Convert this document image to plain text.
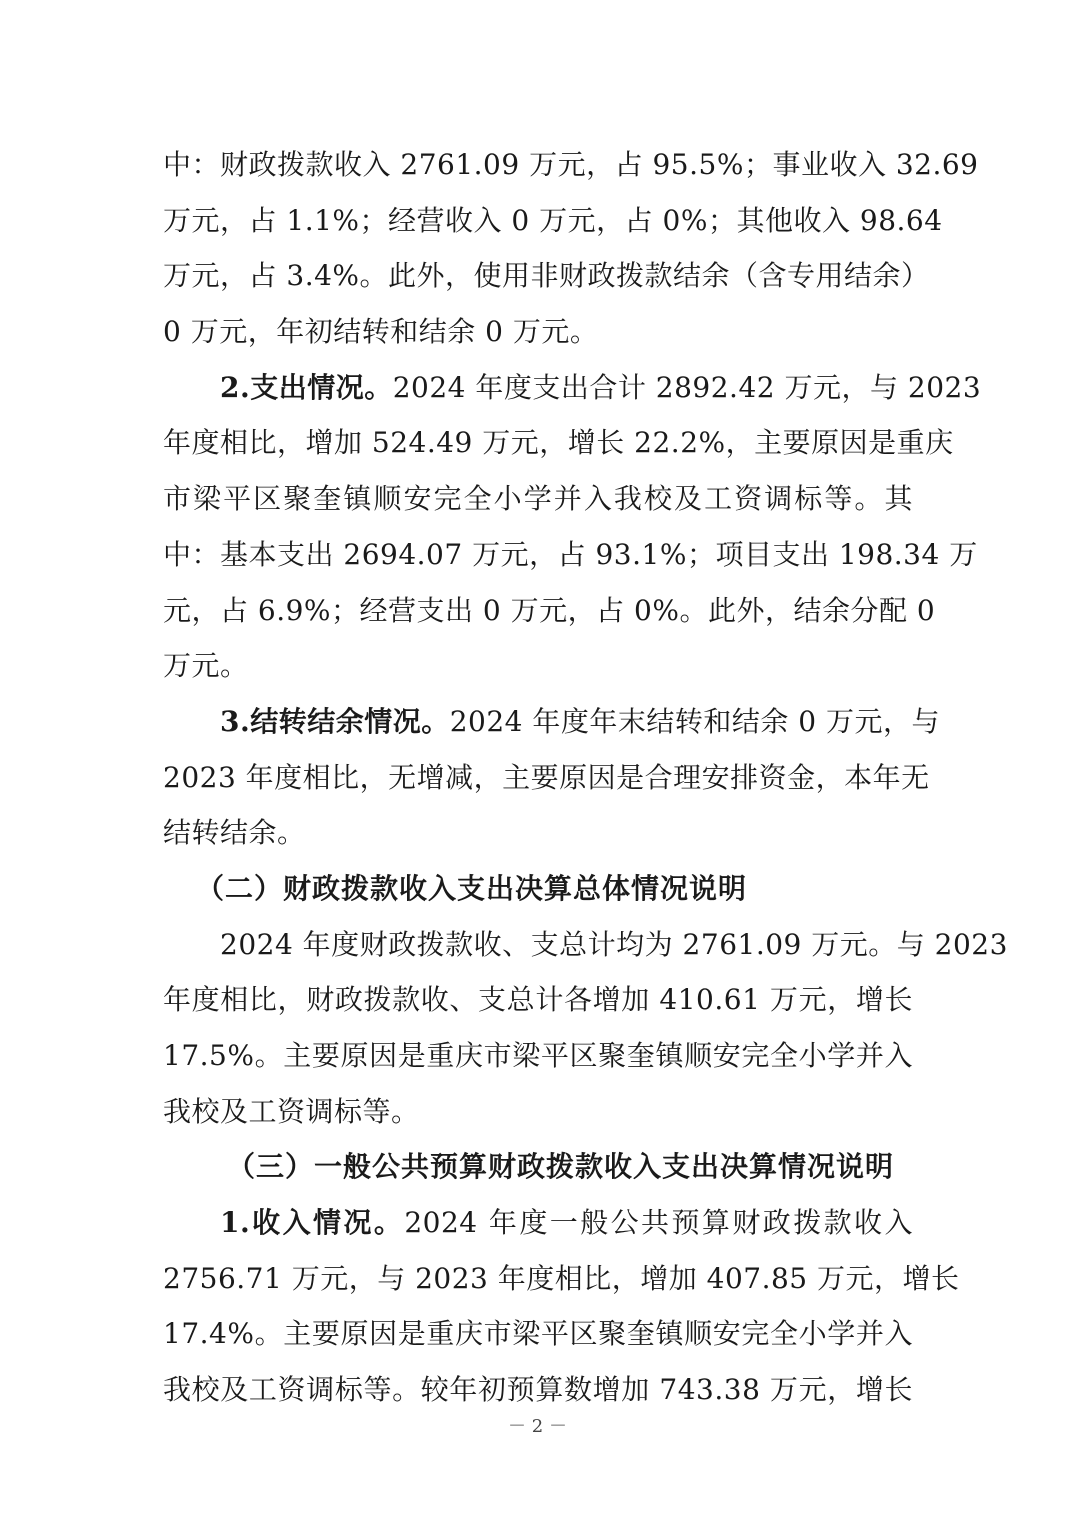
中：财政拨款收入 2761.09 万元，占 95.5%；事业收入 32.69
万元，占 1.1%；经营收入 0 万元，占 0%；其他收入 98.64
万元，占 3.4%。此外，使用非财政拨款结余（含专用结余）
0 万元，年初结转和结余 0 万元。
2.支出情况。2024 年度支出合计 2892.42 万元，与 2023
年度相比，增加 524.49 万元，增长 22.2%，主要原因是重庆
市梁平区聚奎镇顺安完全小学并入我校及工资调标等。其
中：基本支出 2694.07 万元，占 93.1%；项目支出 198.34 万
元，占 6.9%；经营支出 0 万元，占 0%。此外，结余分配 0
万元。
3.结转结余情况。2024 年度年末结转和结余 0 万元，与
2023 年度相比，无增减，主要原因是合理安排资金，本年无
结转结余。
（二）财政拨款收入支出决算总体情况说明
2024 年度财政拨款收、支总计均为 2761.09 万元。与 2023
年度相比，财政拨款收、支总计各增加 410.61 万元，增长
17.5%。主要原因是重庆市梁平区聚奎镇顺安完全小学并入
我校及工资调标等。
（三）一般公共预算财政拨款收入支出决算情况说明
1.收入情况。2024 年度一般公共预算财政拨款收入
2756.71 万元，与 2023 年度相比，增加 407.85 万元，增长
17.4%。主要原因是重庆市梁平区聚奎镇顺安完全小学并入
我校及工资调标等。较年初预算数增加 743.38 万元，增长
－ 2 －
